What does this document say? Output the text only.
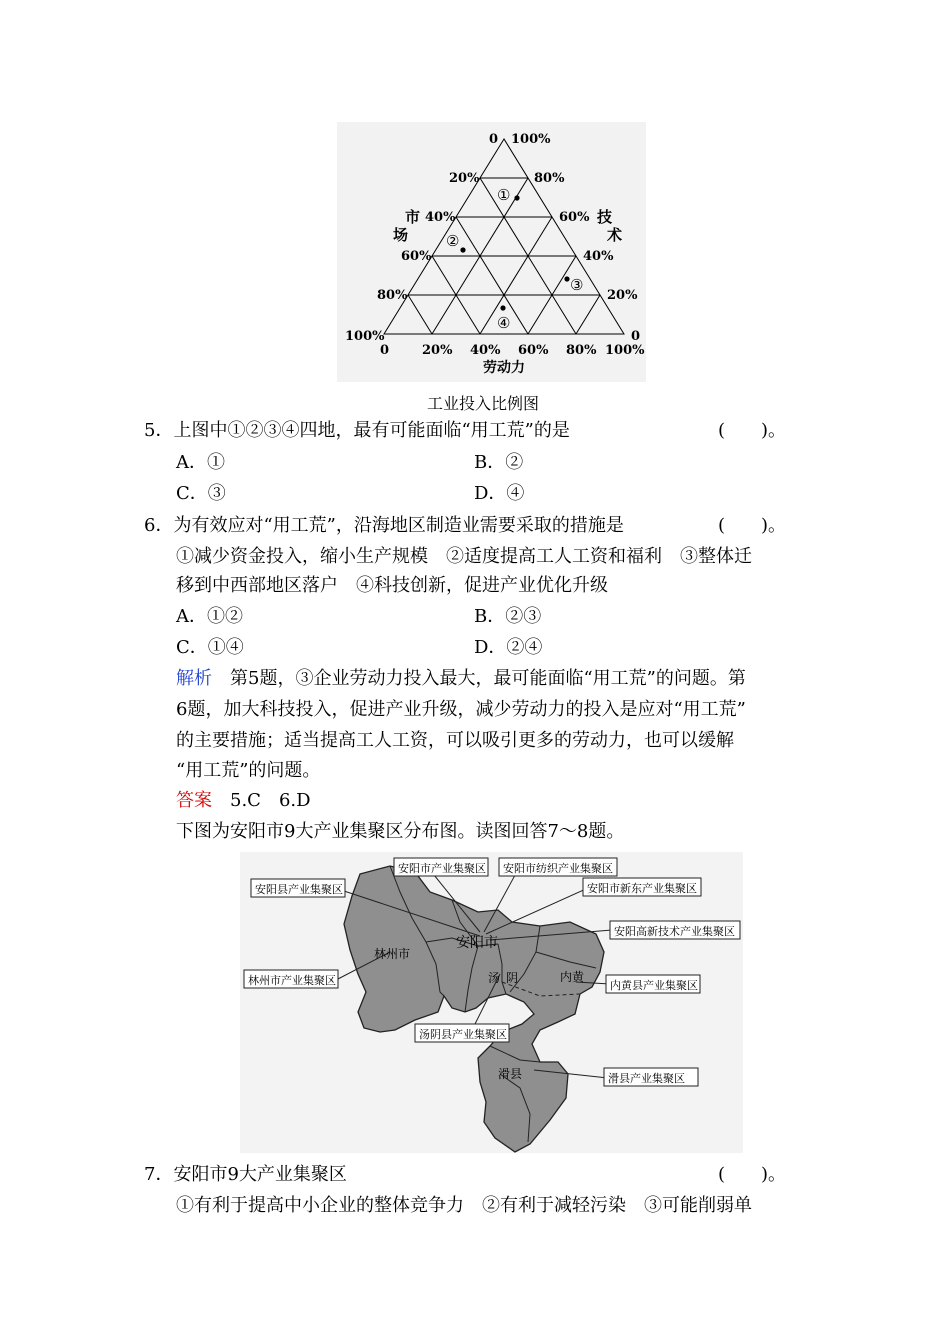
0 100%
20%
40%
60%
80%
100%
80%
60%
40%
20%
0
0	20% 40% 60% 80% 100%
劳动力
市
场
技
术
①
②
③
④
工业投入比例图
5．上图中①②③④四地，最有可能面临“用工荒”的是	(　　)。
A．①	B．②
C．③	D．④
6．为有效应对“用工荒”，沿海地区制造业需要采取的措施是	(　　)。
①减少资金投入，缩小生产规模　②适度提高工人工资和福利　③整体迁
移到中西部地区落户　④科技创新，促进产业优化升级
A．①②	B．②③
C．①④	D．②④
解析　 第5题，③企业劳动力投入最大，最可能面临“用工荒”的问题。第
6题，加大科技投入，促进产业升级，减少劳动力的投入是应对“用工荒”
的主要措施；适当提高工人工资，可以吸引更多的劳动力，也可以缓解
“用工荒”的问题。
答案　 5.C　6.D
下图为安阳市9大产业集聚区分布图。读图回答7～8题。
安阳市产业集聚区 安阳市纺织产业集聚区
安阳县产业集聚区	安阳市新东产业集聚区
安阳高新技术产业集聚区
林州市产业集聚区	内黄县产业集聚区
汤阴县产业集聚区
滑县产业集聚区
安阳市
林州市
汤 阴	内黄
滑县
7．安阳市9大产业集聚区	(　　)。
①有利于提高中小企业的整体竞争力　②有利于减轻污染　③可能削弱单
